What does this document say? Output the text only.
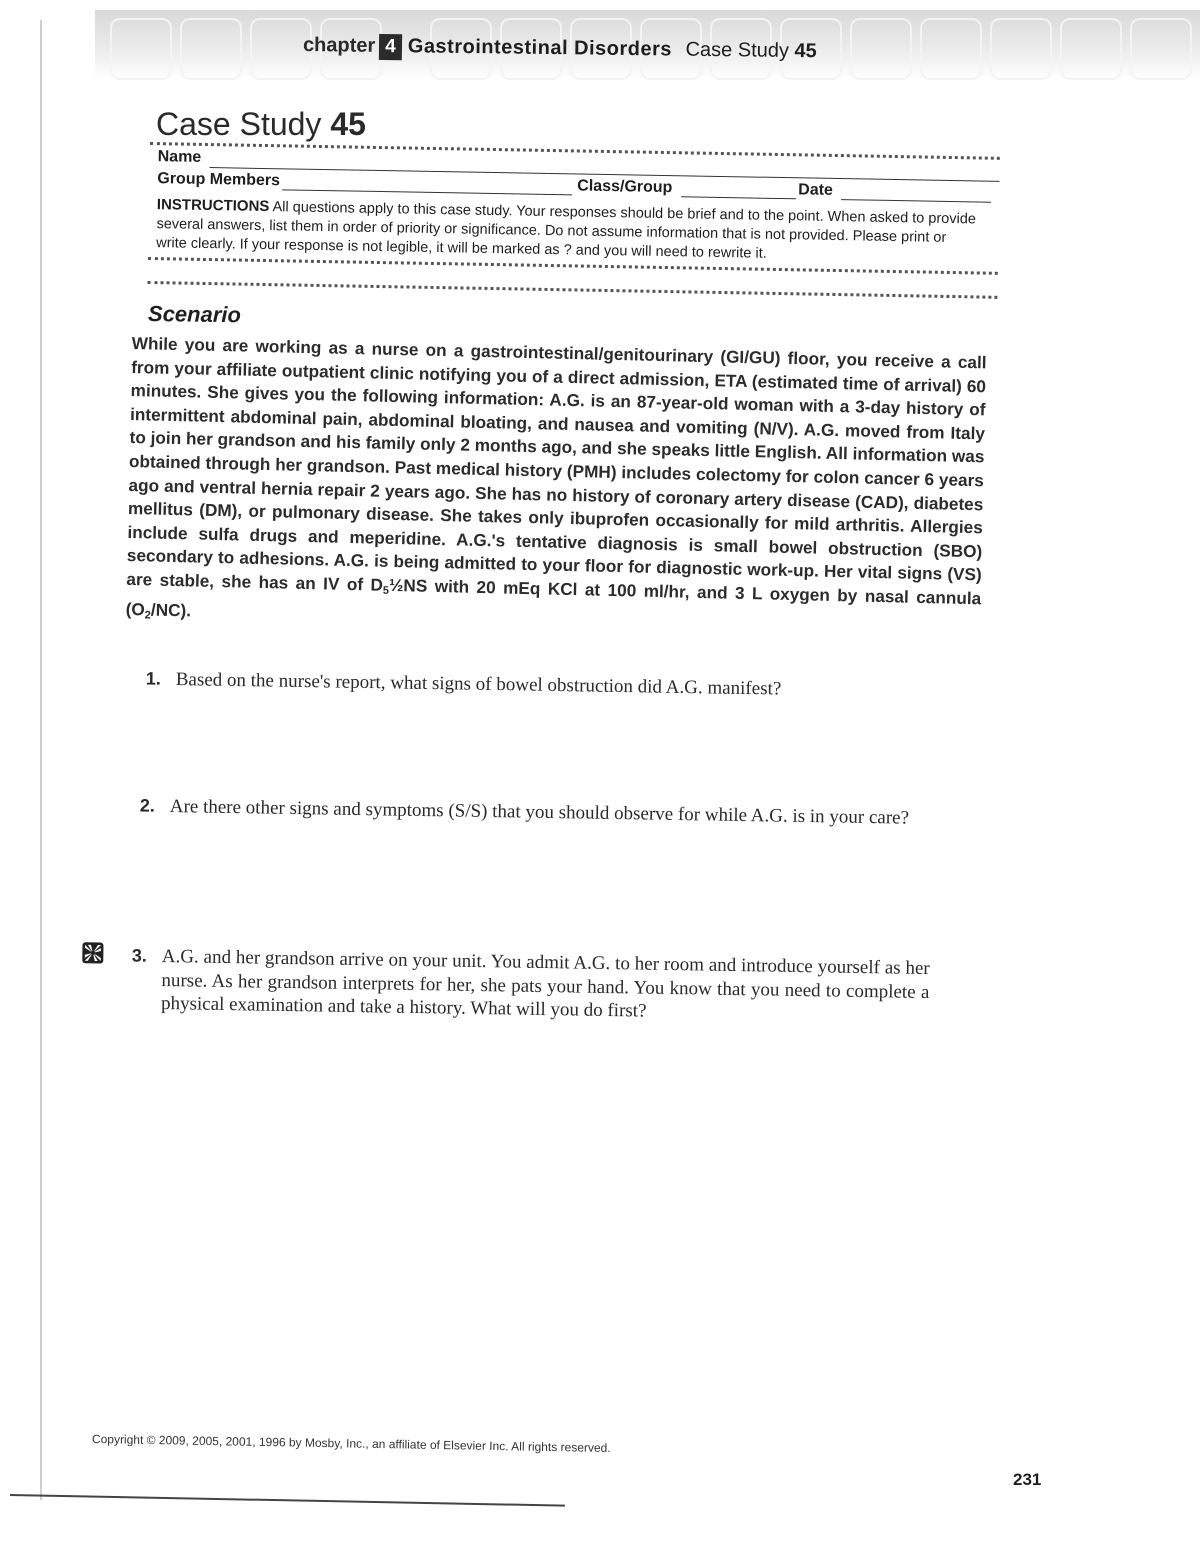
chapter 4 Gastrointestinal Disorders Case Study 45
Case Study 45
Name
Group Members	Class/Group	Date
INSTRUCTIONS All questions apply to this case study. Your responses should be brief and to the point. When asked to provide several answers, list them in order of priority or significance. Do not assume information that is not provided. Please print or write clearly. If your response is not legible, it will be marked as ? and you will need to rewrite it.
Scenario
While you are working as a nurse on a gastrointestinal/genitourinary (GI/GU) floor, you receive a call from your affiliate outpatient clinic notifying you of a direct admission, ETA (estimated time of arrival) 60 minutes. She gives you the following information: A.G. is an 87-year-old woman with a 3-day history of intermittent abdominal pain, abdominal bloating, and nausea and vomiting (N/V). A.G. moved from Italy to join her grandson and his family only 2 months ago, and she speaks little English. All information was obtained through her grandson. Past medical history (PMH) includes colectomy for colon cancer 6 years ago and ventral hernia repair 2 years ago. She has no history of coronary artery disease (CAD), diabetes mellitus (DM), or pulmonary disease. She takes only ibuprofen occasionally for mild arthritis. Allergies include sulfa drugs and meperidine. A.G.'s tentative diagnosis is small bowel obstruction (SBO) secondary to adhesions. A.G. is being admitted to your floor for diagnostic work-up. Her vital signs (VS) are stable, she has an IV of $D_5\frac{1}{2}NS$ with 20 mEq KCl at 100 ml/hr, and 3 L oxygen by nasal cannula $(O_2/NC)$.
1. Based on the nurse's report, what signs of bowel obstruction did A.G. manifest?
2. Are there other signs and symptoms (S/S) that you should observe for while A.G. is in your care?
3. A.G. and her grandson arrive on your unit. You admit A.G. to her room and introduce yourself as her nurse. As her grandson interprets for her, she pats your hand. You know that you need to complete a physical examination and take a history. What will you do first?
Copyright © 2009, 2005, 2001, 1996 by Mosby, Inc., an affiliate of Elsevier Inc. All rights reserved.
231
